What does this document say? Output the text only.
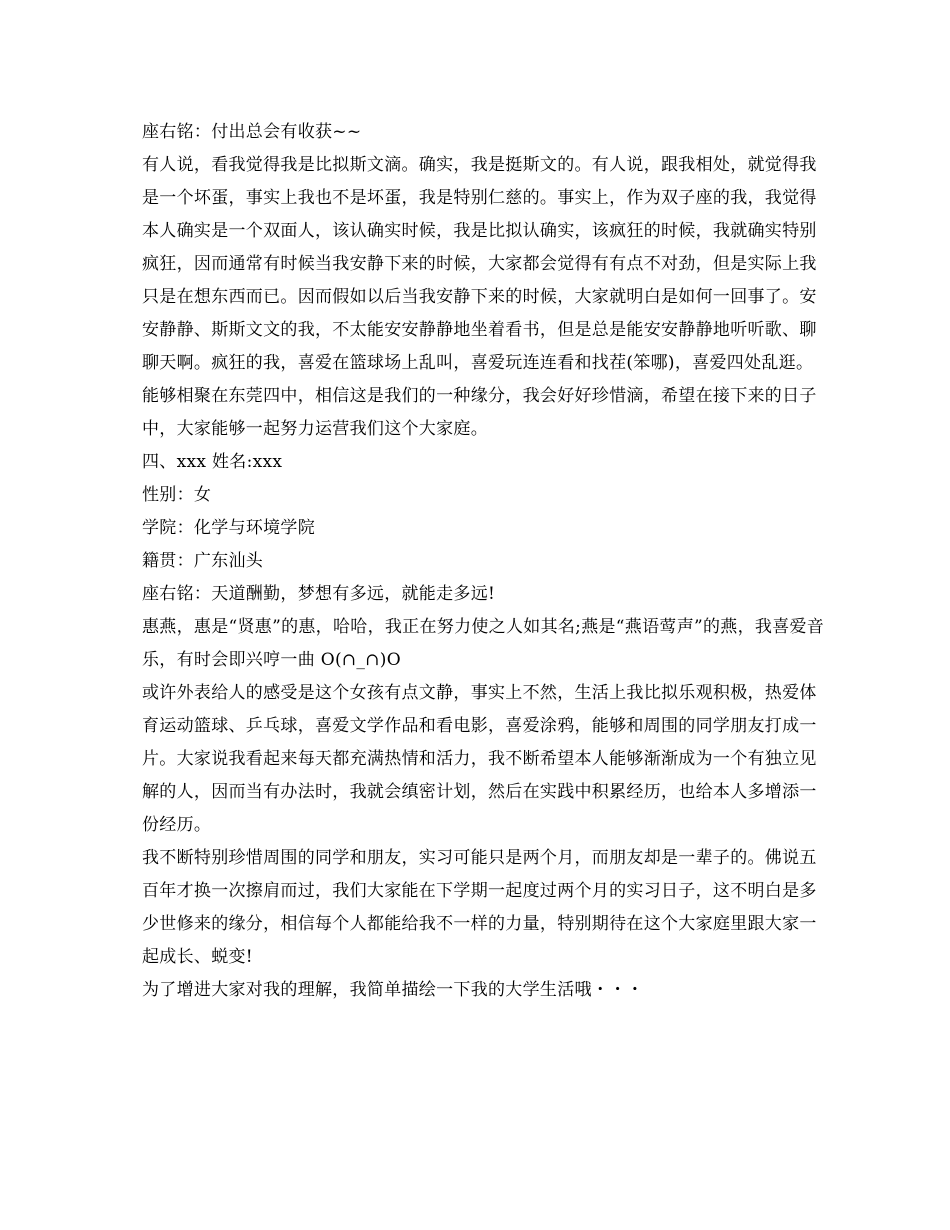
座右铭：付出总会有收获~~

有人说，看我觉得我是比拟斯文滴。确实，我是挺斯文的。有人说，跟我相处，就觉得我是一个坏蛋，事实上我也不是坏蛋，我是特别仁慈的。事实上，作为双子座的我，我觉得本人确实是一个双面人，该认确实时候，我是比拟认确实，该疯狂的时候，我就确实特别疯狂，因而通常有时候当我安静下来的时候，大家都会觉得有有点不对劲，但是实际上我只是在想东西而已。因而假如以后当我安静下来的时候，大家就明白是如何一回事了。安安静静、斯斯文文的我，不太能安安静静地坐着看书，但是总是能安安静静地听听歌、聊聊天啊。疯狂的我，喜爱在篮球场上乱叫，喜爱玩连连看和找茬(笨哪)，喜爱四处乱逛。

能够相聚在东莞四中，相信这是我们的一种缘分，我会好好珍惜滴，希望在接下来的日子中，大家能够一起努力运营我们这个大家庭。

四、xxx 姓名:xxx

性别：女

学院：化学与环境学院

籍贯：广东汕头

座右铭：天道酬勤，梦想有多远，就能走多远!

惠燕，惠是“贤惠”的惠，哈哈，我正在努力使之人如其名;燕是“燕语莺声”的燕，我喜爱音乐，有时会即兴哼一曲 O(∩_∩)O

或许外表给人的感受是这个女孩有点文静，事实上不然，生活上我比拟乐观积极，热爱体育运动篮球、乒乓球，喜爱文学作品和看电影，喜爱涂鸦，能够和周围的同学朋友打成一片。大家说我看起来每天都充满热情和活力，我不断希望本人能够渐渐成为一个有独立见解的人，因而当有办法时，我就会缜密计划，然后在实践中积累经历，也给本人多增添一份经历。

我不断特别珍惜周围的同学和朋友，实习可能只是两个月，而朋友却是一辈子的。佛说五百年才换一次擦肩而过，我们大家能在下学期一起度过两个月的实习日子，这不明白是多少世修来的缘分，相信每个人都能给我不一样的力量，特别期待在这个大家庭里跟大家一起成长、蜕变!

为了增进大家对我的理解，我简单描绘一下我的大学生活哦・・・
